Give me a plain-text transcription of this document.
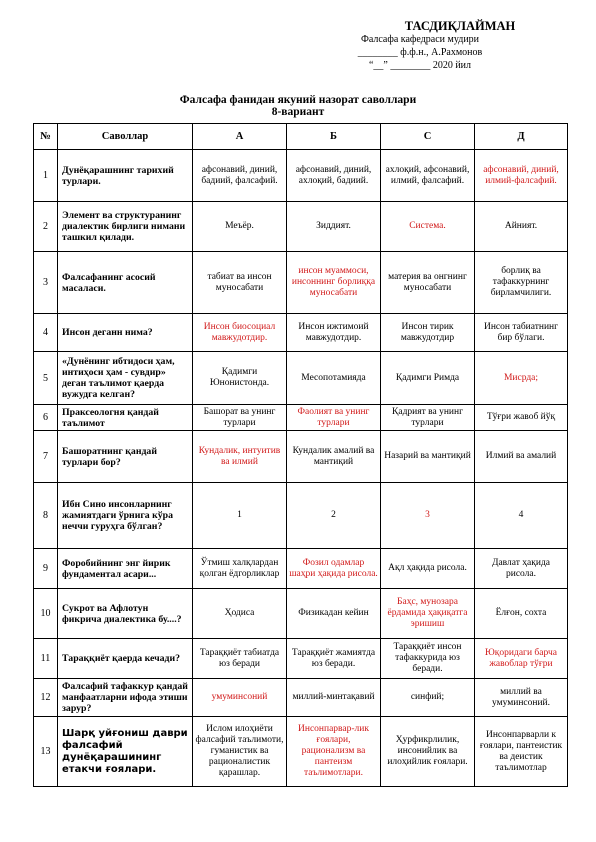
ТАСДИҚЛАЙМАН
Фалсафа кафедраси мудири
________ ф.ф.н., А.Рахмонов
“__” ________ 2020 йил
Фалсафа фанидан якуний назорат саволлари
8-вариант
№	Саволлар	А	Б	С	Д
1	Дунёқарашнинг тарихий турлари.	афсонавий, диний, бадиий, фалсафий.	афсонавий, диний, ахлоқий, бадиий.	ахлоқий, афсонавий, илмий, фалсафий.	афсонавий, диний, илмий-фалсафий.
2	Элемент ва структуранинг диалектик бирлиги нимани ташкил қилади.	Меъёр.	Зиддият.	Система.	Айният.
3	Фалсафанинг асосий масаласи.	табиат ва инсон муносабати	инсон муаммоси, инсоннинг борлиққа муносабати	материя ва онгнинг муносабати	борлиқ ва тафаккурнинг бирламчилиги.
4	Инсон деганн нима?	Инсон биосоциал мавжудотдир.	Инсон ижтимоий мавжудотдир.	Инсон тирик мавжудотдир	Инсон табиатнинг бир бўлаги.
5	«Дунёнинг ибтидоси ҳам, интиҳоси ҳам - сувдир» деган таълимот қаерда вужудга келган?	Қадимги Юнонистонда.	Месопотамияда	Қадимги Римда	Мисрда;
6	Праксеологня қандай таълимот	Башорат ва унинг турлари	Фаолият ва унинг турлари	Қадрият ва унинг турлари	Тўғри жавоб йўқ
7	Башоратнинг қандай турлари бор?	Кундалик, интуитив ва илмий	Кундалик амалий ва мантиқий	Назарий ва мантиқий	Илмий ва амалий
8	Ибн Сино инсонларнинг жамиятдаги ўрнига кўра неччи гуруҳга бўлган?	1	2	3	4
9	Форобийнинг энг йирик фундаментал асари...	Ўтмиш халқлардан қолган ёдгорликлар	Фозил одамлар шаҳри ҳақида рисола.	Ақл ҳақида рисола.	Давлат ҳақида рисола.
10	Сукрот ва Афлотун фикрича диалектика бу....?	Ҳодиса	Физикадан кейин	Баҳс, мунозара ёрдамида ҳақиқатга эришиш	Ёлғон, сохта
11	Тараққиёт қаерда кечади?	Тараққиёт табиатда юз беради	Тараққиёт жамиятда юз беради.	Тараққиёт инсон тафаккурида юз беради.	Юқоридаги барча жавоблар тўғри
12	Фалсафий тафаккур қандай манфаатларни ифода этиши зарур?	умуминсоний	миллий-минтақавий	синфий;	миллий ва умуминсоний.
13	Шарқ уйғониш даври фалсафий дунёқарашининг етакчи ғоялари.	Ислом илоҳиёти фалсафий таълимоти, гуманистик ва рационалистик қарашлар.	Инсонпарвар-лик ғоялари, рационализм ва пантеизм таълимотлари.	Ҳурфикрлилик, инсонийлик ва илоҳийлик ғоялари.	Инсонпарварли к ғоялари, пантеистик ва деистик таълимотлар
